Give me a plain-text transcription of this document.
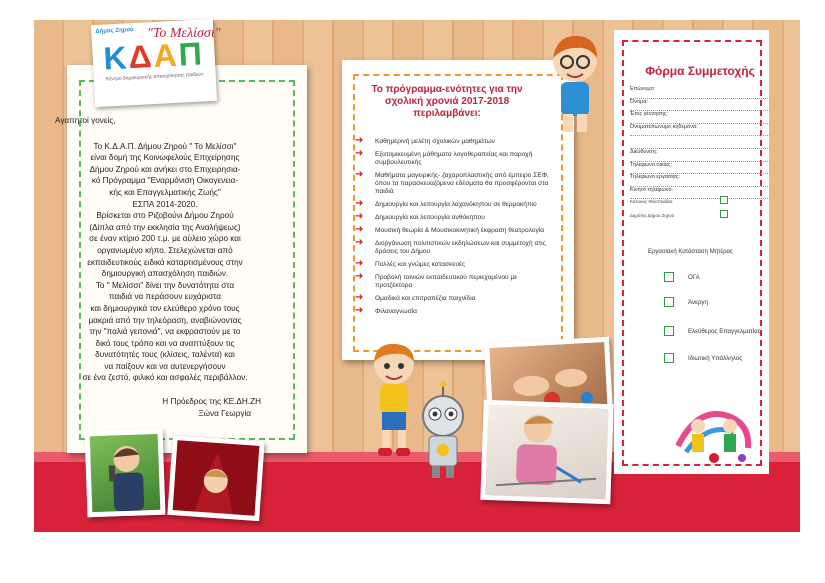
Δήμος Ζηρού
ΚΔΑΠ
Κέντρο δημιουργικής απασχόλησης παιδιών
"Το Μελίσσι"
Αγαπητοί γονείς,
Το Κ.Δ.Α.Π. Δήμου Ζηρού " Το Μελίσσι"
είναι δομή της Κοινωφελούς Επιχείρησης
Δήμου Ζηρού και ανήκει στο Επιχειρησια-
κό Πρόγραμμα "Εναρμόνιση Οικογενεια-
κής και Επαγγελματικής Ζωής"
ΕΣΠΑ 2014-2020.
Βρίσκεται στο Ριζοβούνι Δήμου Ζηρού
(Δίπλα από την εκκλησία της Αναλήψεως)
σε έναν κτίριο 200 τ.μ. με αύλειο χώρο και
οργανωμένο κήπο. Στελεχώνεται από
εκπαιδευτικούς ειδικά καταρτισμένους στην
δημιουργική απασχόληση παιδιών.
Το " Μελίσσι" δίνει την δυνατότητα στα
παιδιά να περάσουν ευχάριστα
και δημιουργικά τον ελεύθερο χρόνο τους
μακριά από την τηλεόραση, αναβιώνοντας
την "παλιά γειτονιά", να εκφραστούν με το
δικό τους τρόπο και να αναπτύξουν τις
δυνατότητές τους (κλίσεις, ταλέντα) και
να παίξουν και να αυτενεργήσουν
σε ένα ζεστό, φιλικό και ασφαλές περιβάλλον.
Η Πρόεδρος της ΚΕ.ΔΗ.ΖΗ
Ξώνα Γεωργία
Το πρόγραμμα-ενότητες για την σχολική χρονιά 2017-2018 περιλαμβάνει:
➜ Καθημερινή μελέτη σχολικών μαθημάτων
➜ Εξατομικευμένη μάθηματα λογοθεραπείας και παροχή συμβουλευτικής
➜ Μαθήματα μαγειρικής- ζαχαροπλαστικής από έμπειρο ΣΕΦ, όπου τα παρασκευαζόμενα εδέσματα θα προσφέρονται στα παιδιά
➜ Δημιουργία και λειτουργία λαχανόκηπου σε θερμοκήπιο
➜ Δημιουργία και λειτουργία ανθόκηπου
➜ Μουσική θεωρία & Μουσικοκινητική έκφραση θεατρολογία
➜ Διοργάνωση πολιτιστικών εκδηλώσεων και συμμετοχή στις δράσεις του Δήμου
➜ Πολλές και γνώμες κατασκευές
➜ Προβολή ταινιών εκπαιδευτικού περιεχομένου με προτζέκτορα
➜ Ομαδικά και επιτραπέζια παιχνίδια
➜ Φιλαναγνωσία
Φόρμα Συμμετοχής
Επώνυμο:
Όνομα:
Έτος γέννησης:
Ονοματεπώνυμο κηδεμόνα:
Διεύθυνση:
Τηλέφωνο οικίας:
Τηλέφωνο εργασίας:
Κινητό τηλέφωνο:
Κάτοικος Φιλιππιάδας
Δημότης Δήμου Ζηρού
Εργασιακή Κατάσταση Μητέρας
ΟΓΑ
Άνεργη
Ελεύθερος Επαγγελματίας
Ιδιωτική Υπάλληλος
